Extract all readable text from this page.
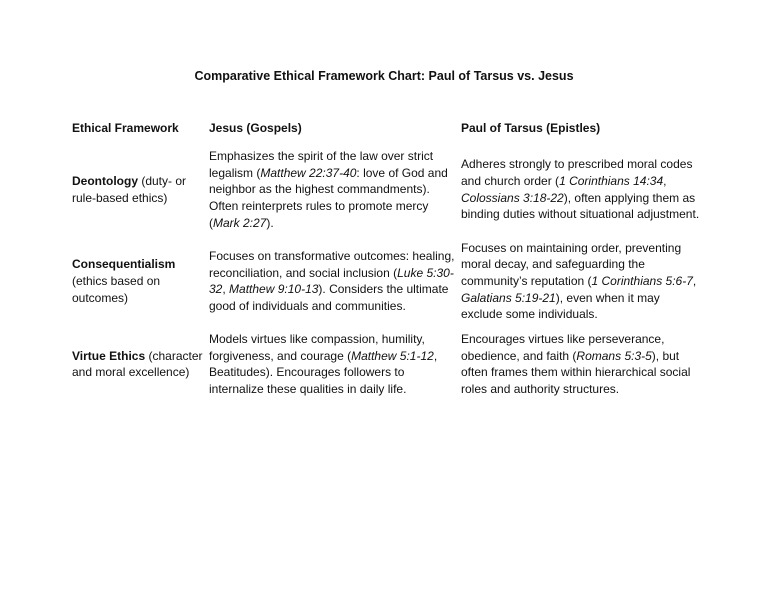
Comparative Ethical Framework Chart: Paul of Tarsus vs. Jesus
Ethical Framework	Jesus (Gospels)	Paul of Tarsus (Epistles)
Deontology (duty- or rule-based ethics)
Emphasizes the spirit of the law over strict legalism (Matthew 22:37-40: love of God and neighbor as the highest commandments). Often reinterprets rules to promote mercy (Mark 2:27).
Adheres strongly to prescribed moral codes and church order (1 Corinthians 14:34, Colossians 3:18-22), often applying them as binding duties without situational adjustment.
Consequentialism (ethics based on outcomes)
Focuses on transformative outcomes: healing, reconciliation, and social inclusion (Luke 5:30-32, Matthew 9:10-13). Considers the ultimate good of individuals and communities.
Focuses on maintaining order, preventing moral decay, and safeguarding the community’s reputation (1 Corinthians 5:6-7, Galatians 5:19-21), even when it may exclude some individuals.
Virtue Ethics (character and moral excellence)
Models virtues like compassion, humility, forgiveness, and courage (Matthew 5:1-12, Beatitudes). Encourages followers to internalize these qualities in daily life.
Encourages virtues like perseverance, obedience, and faith (Romans 5:3-5), but often frames them within hierarchical social roles and authority structures.
